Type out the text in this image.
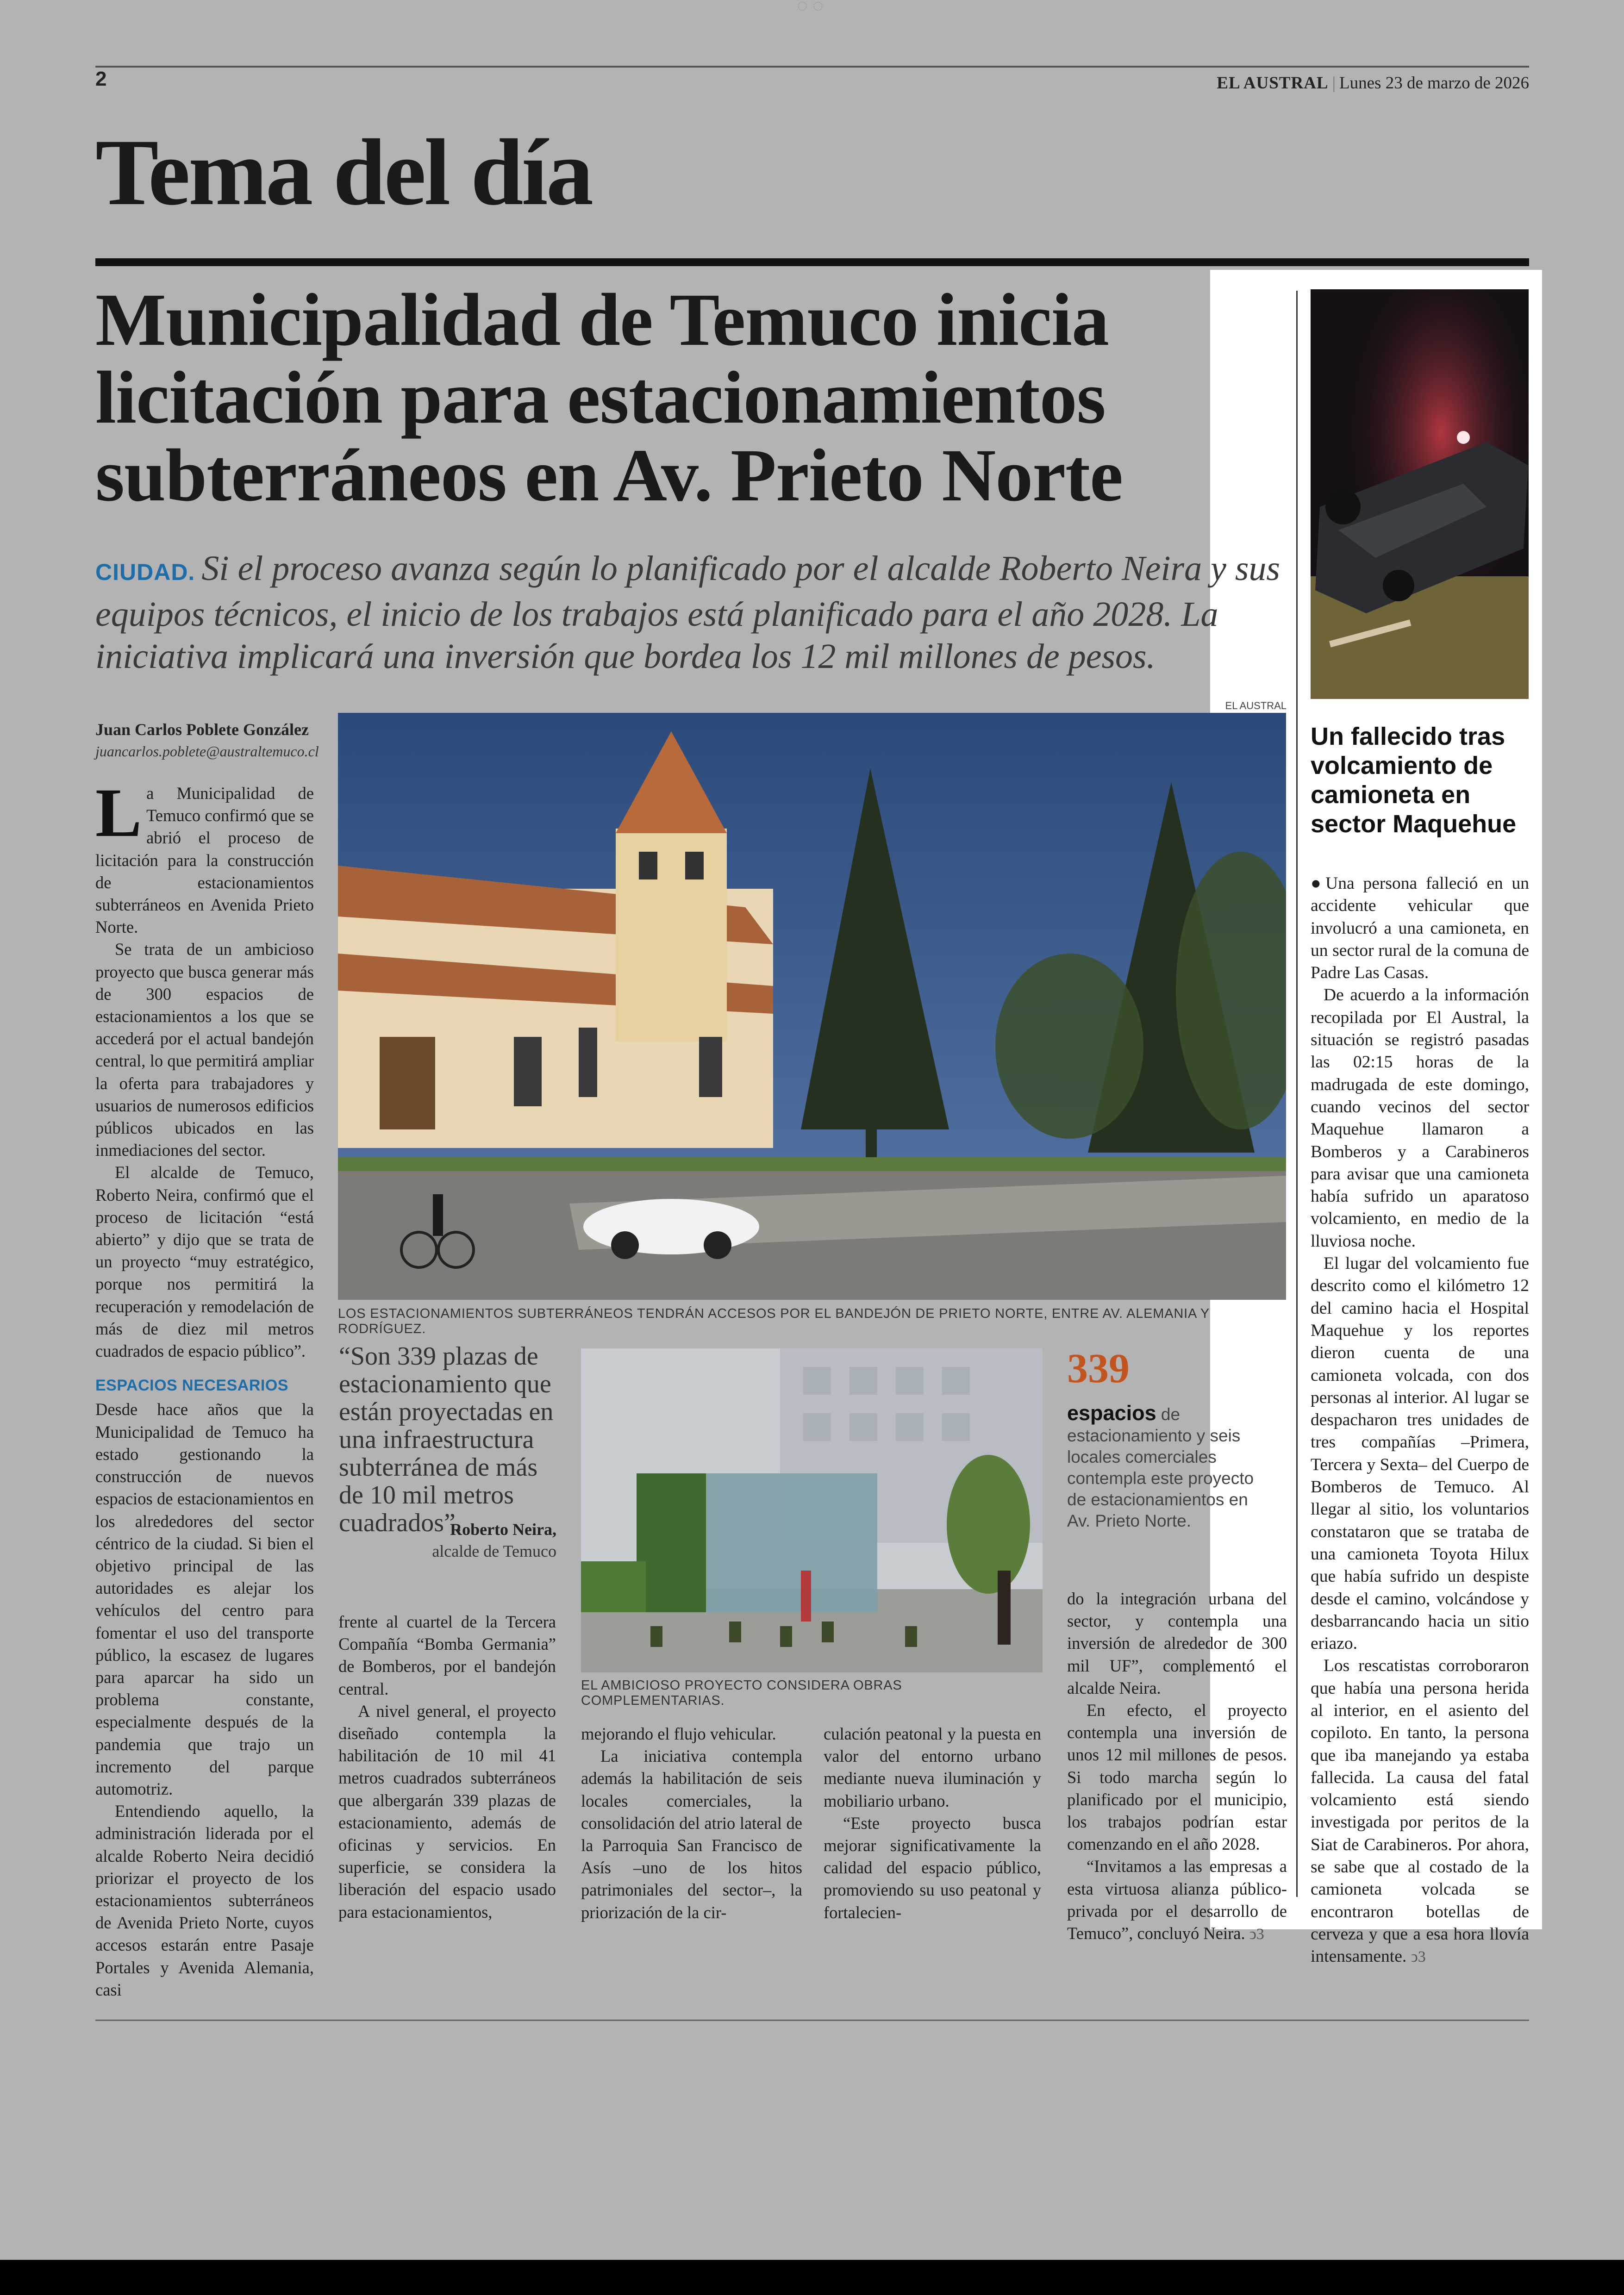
◌ ◌
2	EL AUSTRAL | Lunes 23 de marzo de 2026
Tema del día
Municipalidad de Temuco inicia licitación para estacionamientos subterráneos en Av. Prieto Norte
CIUDAD. Si el proceso avanza según lo planificado por el alcalde Roberto Neira y sus equipos técnicos, el inicio de los trabajos está planificado para el año 2028. La iniciativa implicará una inversión que bordea los 12 mil millones de pesos.
Juan Carlos Poblete González
juancarlos.poblete@australtemuco.cl

La Municipalidad de Temuco confirmó que se abrió el proceso de licitación para la construcción de estacionamientos subterráneos en Avenida Prieto Norte.

Se trata de un ambicioso proyecto que busca generar más de 300 espacios de estacionamientos a los que se accederá por el actual bandejón central, lo que permitirá ampliar la oferta para trabajadores y usuarios de numerosos edificios públicos ubicados en las inmediaciones del sector.

El alcalde de Temuco, Roberto Neira, confirmó que el proceso de licitación “está abierto” y dijo que se trata de un proyecto “muy estratégico, porque nos permitirá la recuperación y remodelación de más de diez mil metros cuadrados de espacio público”.

ESPACIOS NECESARIOS

Desde hace años que la Municipalidad de Temuco ha estado gestionando la construcción de nuevos espacios de estacionamientos en los alrededores del sector céntrico de la ciudad. Si bien el objetivo principal de las autoridades es alejar los vehículos del centro para fomentar el uso del transporte público, la escasez de lugares para aparcar ha sido un problema constante, especialmente después de la pandemia que trajo un incremento del parque automotriz.

Entendiendo aquello, la administración liderada por el alcalde Roberto Neira decidió priorizar el proyecto de los estacionamientos subterráneos de Avenida Prieto Norte, cuyos accesos estarán entre Pasaje Portales y Avenida Alemania, casi

LOS ESTACIONAMIENTOS SUBTERRÁNEOS TENDRÁN ACCESOS POR EL BANDEJÓN DE PRIETO NORTE, ENTRE AV. ALEMANIA Y RODRÍGUEZ.
“Son 339 plazas de estacionamiento que están proyectadas en una infraestructura subterránea de más de 10 mil metros cuadrados”.
Roberto Neira,
alcalde de Temuco
EL AMBICIOSO PROYECTO CONSIDERA OBRAS COMPLEMENTARIAS.
339
espacios de estacionamiento y seis locales comerciales contempla este proyecto de estacionamientos en Av. Prieto Norte.

frente al cuartel de la Tercera Compañía “Bomba Germania” de Bomberos, por el bandejón central.

A nivel general, el proyecto diseñado contempla la habilitación de 10 mil 41 metros cuadrados subterráneos que albergarán 339 plazas de estacionamiento, además de oficinas y servicios. En superficie, se considera la liberación del espacio usado para estacionamientos,

mejorando el flujo vehicular.

La iniciativa contempla además la habilitación de seis locales comerciales, la consolidación del atrio lateral de la Parroquia San Francisco de Asís –uno de los hitos patrimoniales del sector–, la priorización de la cir-

culación peatonal y la puesta en valor del entorno urbano mediante nueva iluminación y mobiliario urbano.

“Este proyecto busca mejorar significativamente la calidad del espacio público, promoviendo su uso peatonal y fortalecien-

do la integración urbana del sector, y contempla una inversión de alrededor de 300 mil UF”, complementó el alcalde Neira.

En efecto, el proyecto contempla una inversión de unos 12 mil millones de pesos. Si todo marcha según lo planificado por el municipio, los trabajos podrían estar comenzando en el año 2028.

“Invitamos a las empresas a esta virtuosa alianza público-privada por el desarrollo de Temuco”, concluyó Neira. ↄ3

EL AUSTRAL
Un fallecido tras volcamiento de camioneta en sector Maquehue

●Una persona falleció en un accidente vehicular que involucró a una camioneta, en un sector rural de la comuna de Padre Las Casas.

De acuerdo a la información recopilada por El Austral, la situación se registró pasadas las 02:15 horas de la madrugada de este domingo, cuando vecinos del sector Maquehue llamaron a Bomberos y a Carabineros para avisar que una camioneta había sufrido un aparatoso volcamiento, en medio de la lluviosa noche.

El lugar del volcamiento fue descrito como el kilómetro 12 del camino hacia el Hospital Maquehue y los reportes dieron cuenta de una camioneta volcada, con dos personas al interior. Al lugar se despacharon tres unidades de tres compañías –Primera, Tercera y Sexta– del Cuerpo de Bomberos de Temuco. Al llegar al sitio, los voluntarios constataron que se trataba de una camioneta Toyota Hilux que había sufrido un despiste desde el camino, volcándose y desbarrancando hacia un sitio eriazo.

Los rescatistas corroboraron que había una persona herida al interior, en el asiento del copiloto. En tanto, la persona que iba manejando ya estaba fallecida. La causa del fatal volcamiento está siendo investigada por peritos de la Siat de Carabineros. Por ahora, se sabe que al costado de la camioneta volcada se encontraron botellas de cerveza y que a esa hora llovía intensamente. ↄ3
